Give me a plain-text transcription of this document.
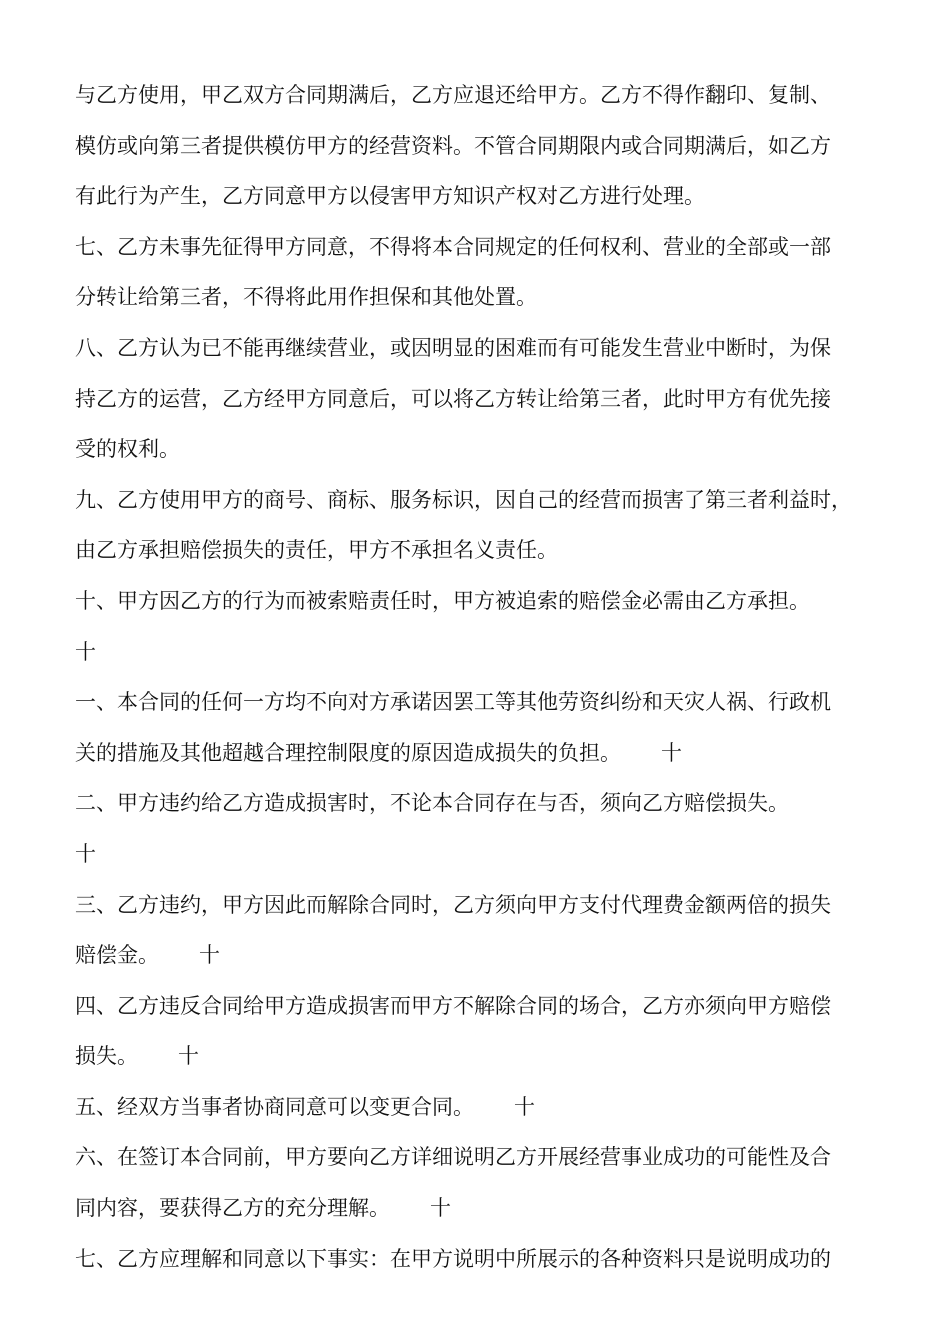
与乙方使用，甲乙双方合同期满后，乙方应退还给甲方。乙方不得作翻印、复制、
模仿或向第三者提供模仿甲方的经营资料。不管合同期限内或合同期满后，如乙方
有此行为产生，乙方同意甲方以侵害甲方知识产权对乙方进行处理。
七、乙方未事先征得甲方同意，不得将本合同规定的任何权利、营业的全部或一部
分转让给第三者，不得将此用作担保和其他处置。
八、乙方认为已不能再继续营业，或因明显的困难而有可能发生营业中断时，为保
持乙方的运营，乙方经甲方同意后，可以将乙方转让给第三者，此时甲方有优先接
受的权利。
九、乙方使用甲方的商号、商标、服务标识，因自己的经营而损害了第三者利益时，
由乙方承担赔偿损失的责任，甲方不承担名义责任。
十、甲方因乙方的行为而被索赔责任时，甲方被追索的赔偿金必需由乙方承担。
十
一、本合同的任何一方均不向对方承诺因罢工等其他劳资纠纷和天灾人祸、行政机
关的措施及其他超越合理控制限度的原因造成损失的负担。      十
二、甲方违约给乙方造成损害时，不论本合同存在与否，须向乙方赔偿损失。
十
三、乙方违约，甲方因此而解除合同时，乙方须向甲方支付代理费金额两倍的损失
赔偿金。      十
四、乙方违反合同给甲方造成损害而甲方不解除合同的场合，乙方亦须向甲方赔偿
损失。      十
五、经双方当事者协商同意可以变更合同。      十
六、在签订本合同前，甲方要向乙方详细说明乙方开展经营事业成功的可能性及合
同内容，要获得乙方的充分理解。      十
七、乙方应理解和同意以下事实：在甲方说明中所展示的各种资料只是说明成功的
